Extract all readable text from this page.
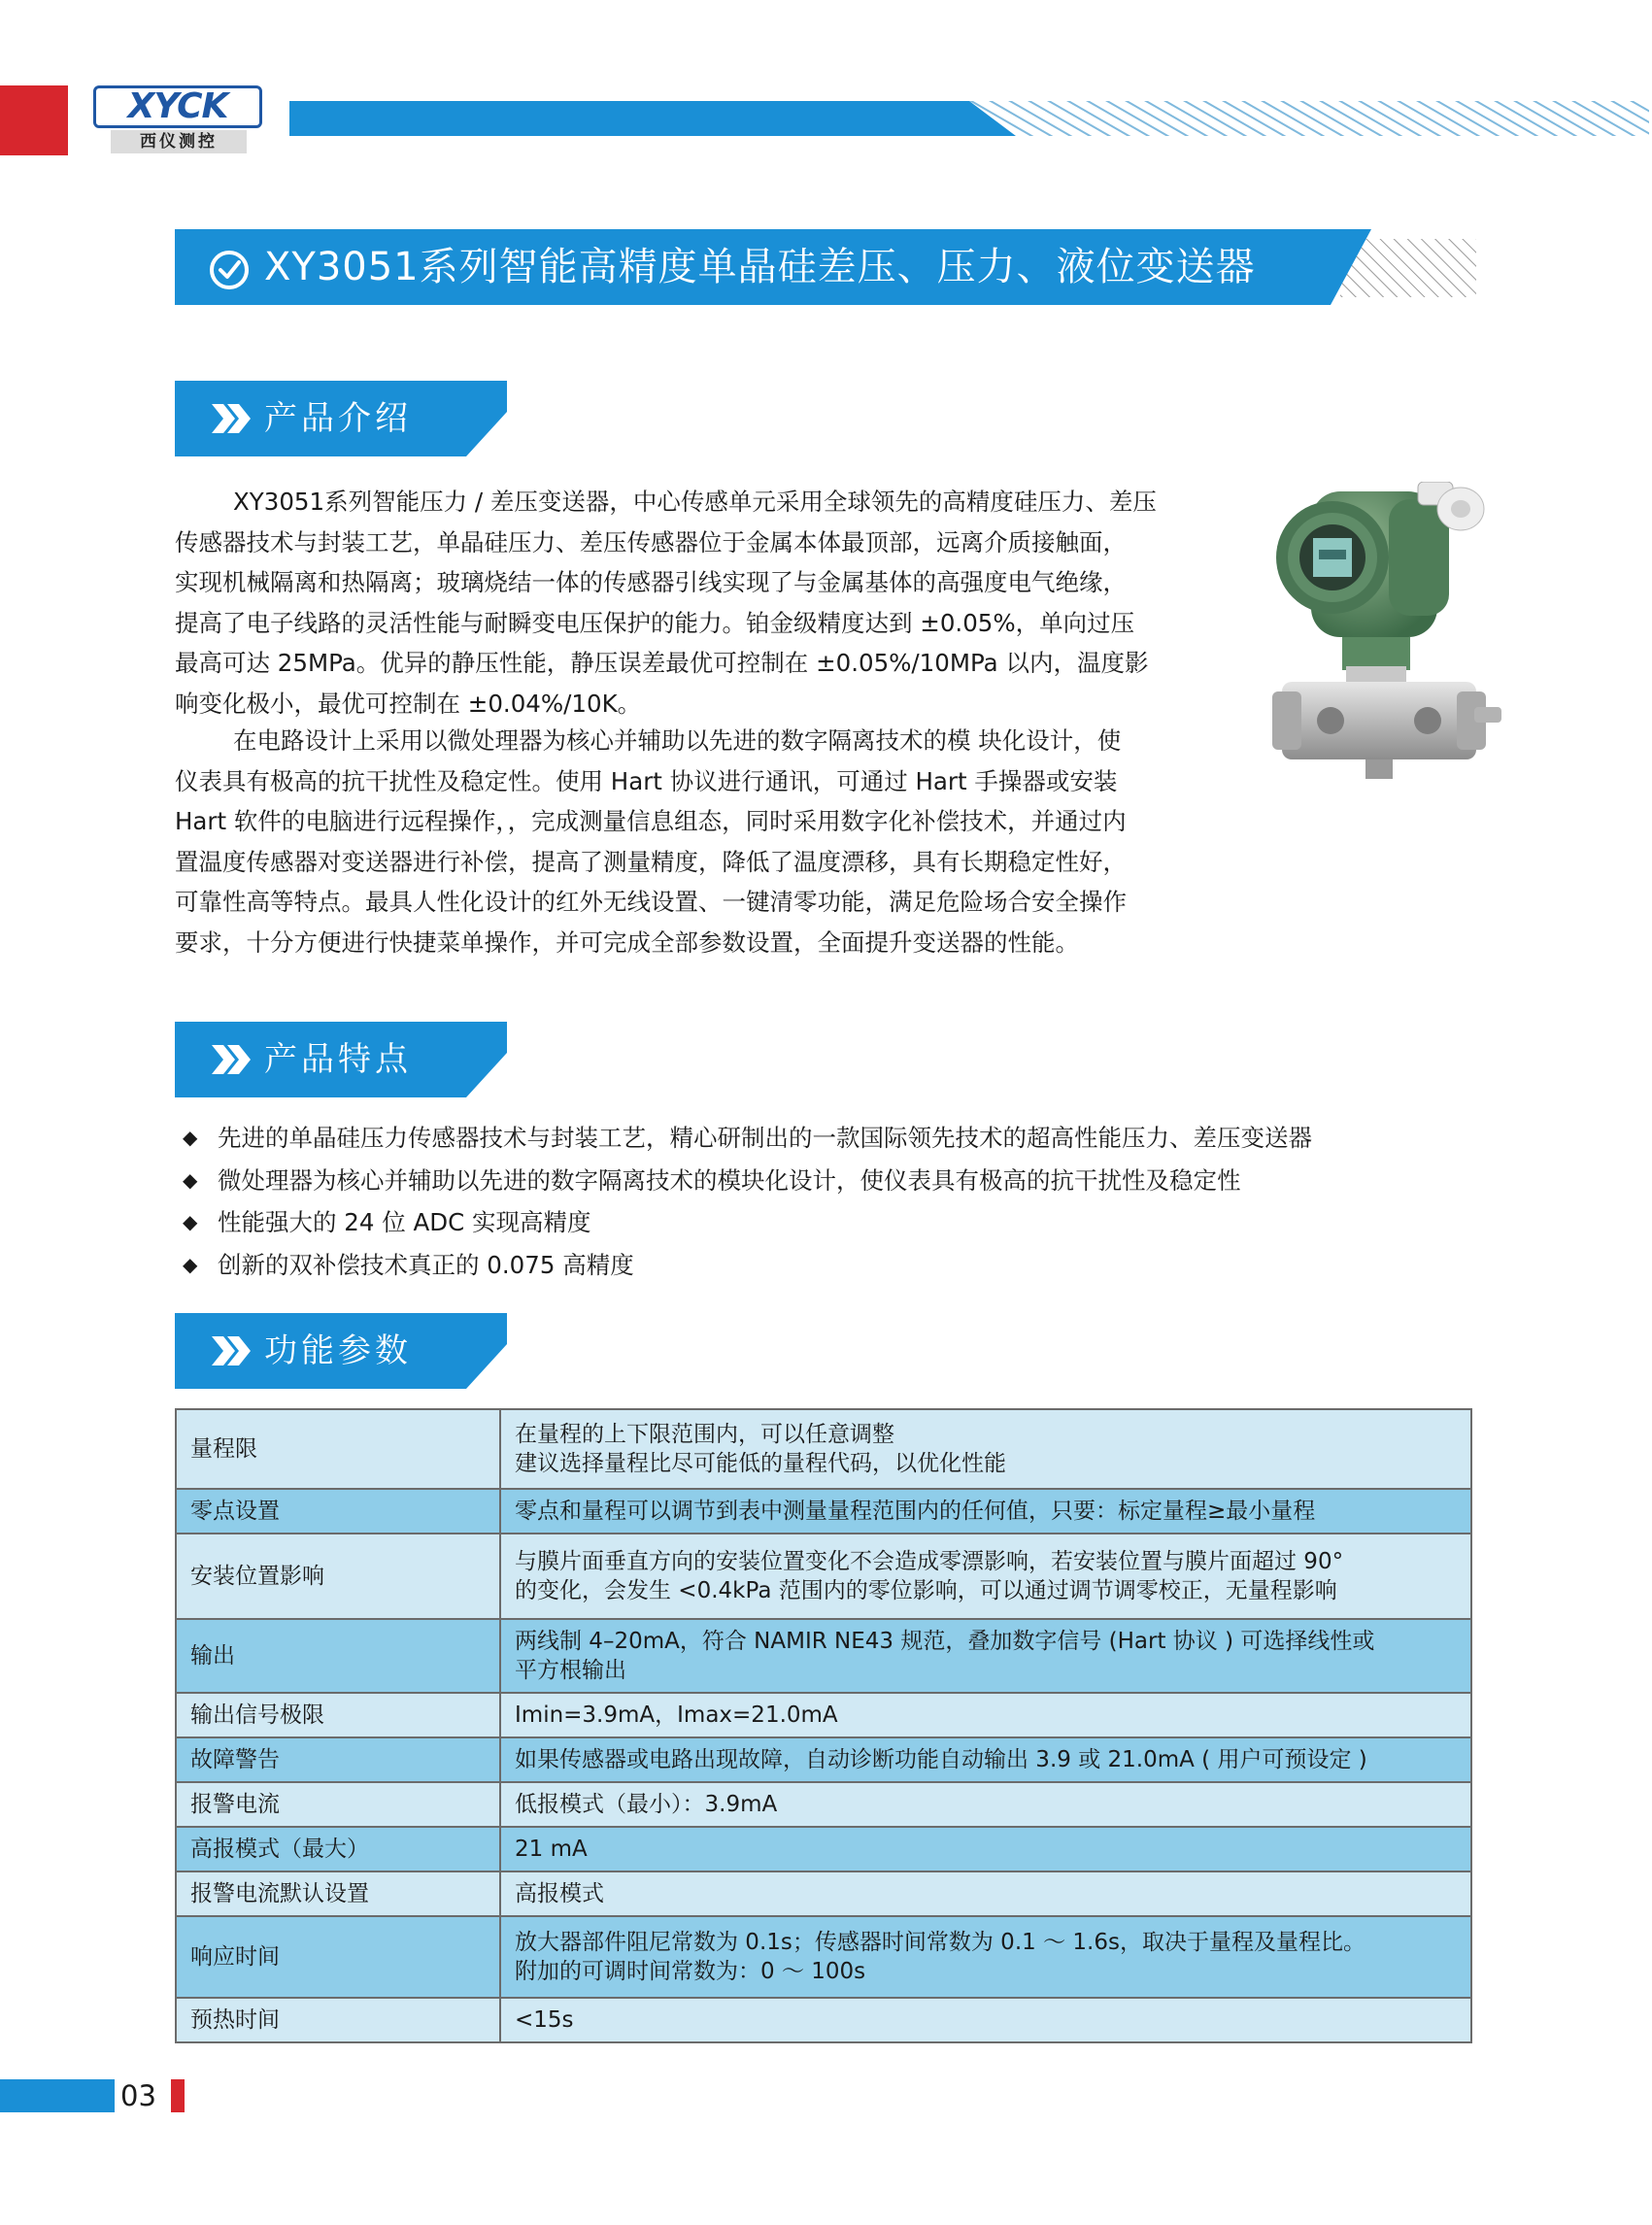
XYCK
西仪测控
XY3051系列智能高精度单晶硅差压、压力、液位变送器
产品介绍
XY3051系列智能压力 / 差压变送器，中心传感单元采用全球领先的高精度硅压力、差压
传感器技术与封装工艺，单晶硅压力、差压传感器位于金属本体最顶部，远离介质接触面，
实现机械隔离和热隔离；玻璃烧结一体的传感器引线实现了与金属基体的高强度电气绝缘，
提高了电子线路的灵活性能与耐瞬变电压保护的能力。铂金级精度达到 ±0.05%，单向过压
最高可达 25MPa。优异的静压性能，静压误差最优可控制在 ±0.05%/10MPa 以内，温度影
响变化极小，最优可控制在 ±0.04%/10K。
在电路设计上采用以微处理器为核心并辅助以先进的数字隔离技术的模 块化设计，使
仪表具有极高的抗干扰性及稳定性。使用 Hart 协议进行通讯，可通过 Hart 手操器或安装
Hart 软件的电脑进行远程操作，，完成测量信息组态，同时采用数字化补偿技术，并通过内
置温度传感器对变送器进行补偿，提高了测量精度，降低了温度漂移，具有长期稳定性好，
可靠性高等特点。最具人性化设计的红外无线设置、一键清零功能，满足危险场合安全操作
要求，十分方便进行快捷菜单操作，并可完成全部参数设置，全面提升变送器的性能。
产品特点
◆ 先进的单晶硅压力传感器技术与封装工艺，精心研制出的一款国际领先技术的超高性能压力、差压变送器
◆ 微处理器为核心并辅助以先进的数字隔离技术的模块化设计，使仪表具有极高的抗干扰性及稳定性
◆ 性能强大的 24 位 ADC 实现高精度
◆ 创新的双补偿技术真正的 0.075 高精度
功能参数
量程限	在量程的上下限范围内，可以任意调整
建议选择量程比尽可能低的量程代码，以优化性能

零点设置	零点和量程可以调节到表中测量量程范围内的任何值，只要：标定量程≥最小量程

安装位置影响	与膜片面垂直方向的安装位置变化不会造成零漂影响，若安装位置与膜片面超过 90°
的变化，会发生 <0.4kPa 范围内的零位影响，可以通过调节调零校正，无量程影响

输出	两线制 4–20mA，符合 NAMIR NE43 规范，叠加数字信号 (Hart 协议 ) 可选择线性或
平方根输出

输出信号极限	Imin=3.9mA，Imax=21.0mA

故障警告	如果传感器或电路出现故障，自动诊断功能自动输出 3.9 或 21.0mA ( 用户可预设定 )

报警电流	低报模式（最小）：3.9mA

高报模式（最大）	21 mA

报警电流默认设置	高报模式

响应时间	放大器部件阻尼常数为 0.1s；传感器时间常数为 0.1 ～ 1.6s，取决于量程及量程比。
附加的可调时间常数为：0 ～ 100s

预热时间	<15s
03
